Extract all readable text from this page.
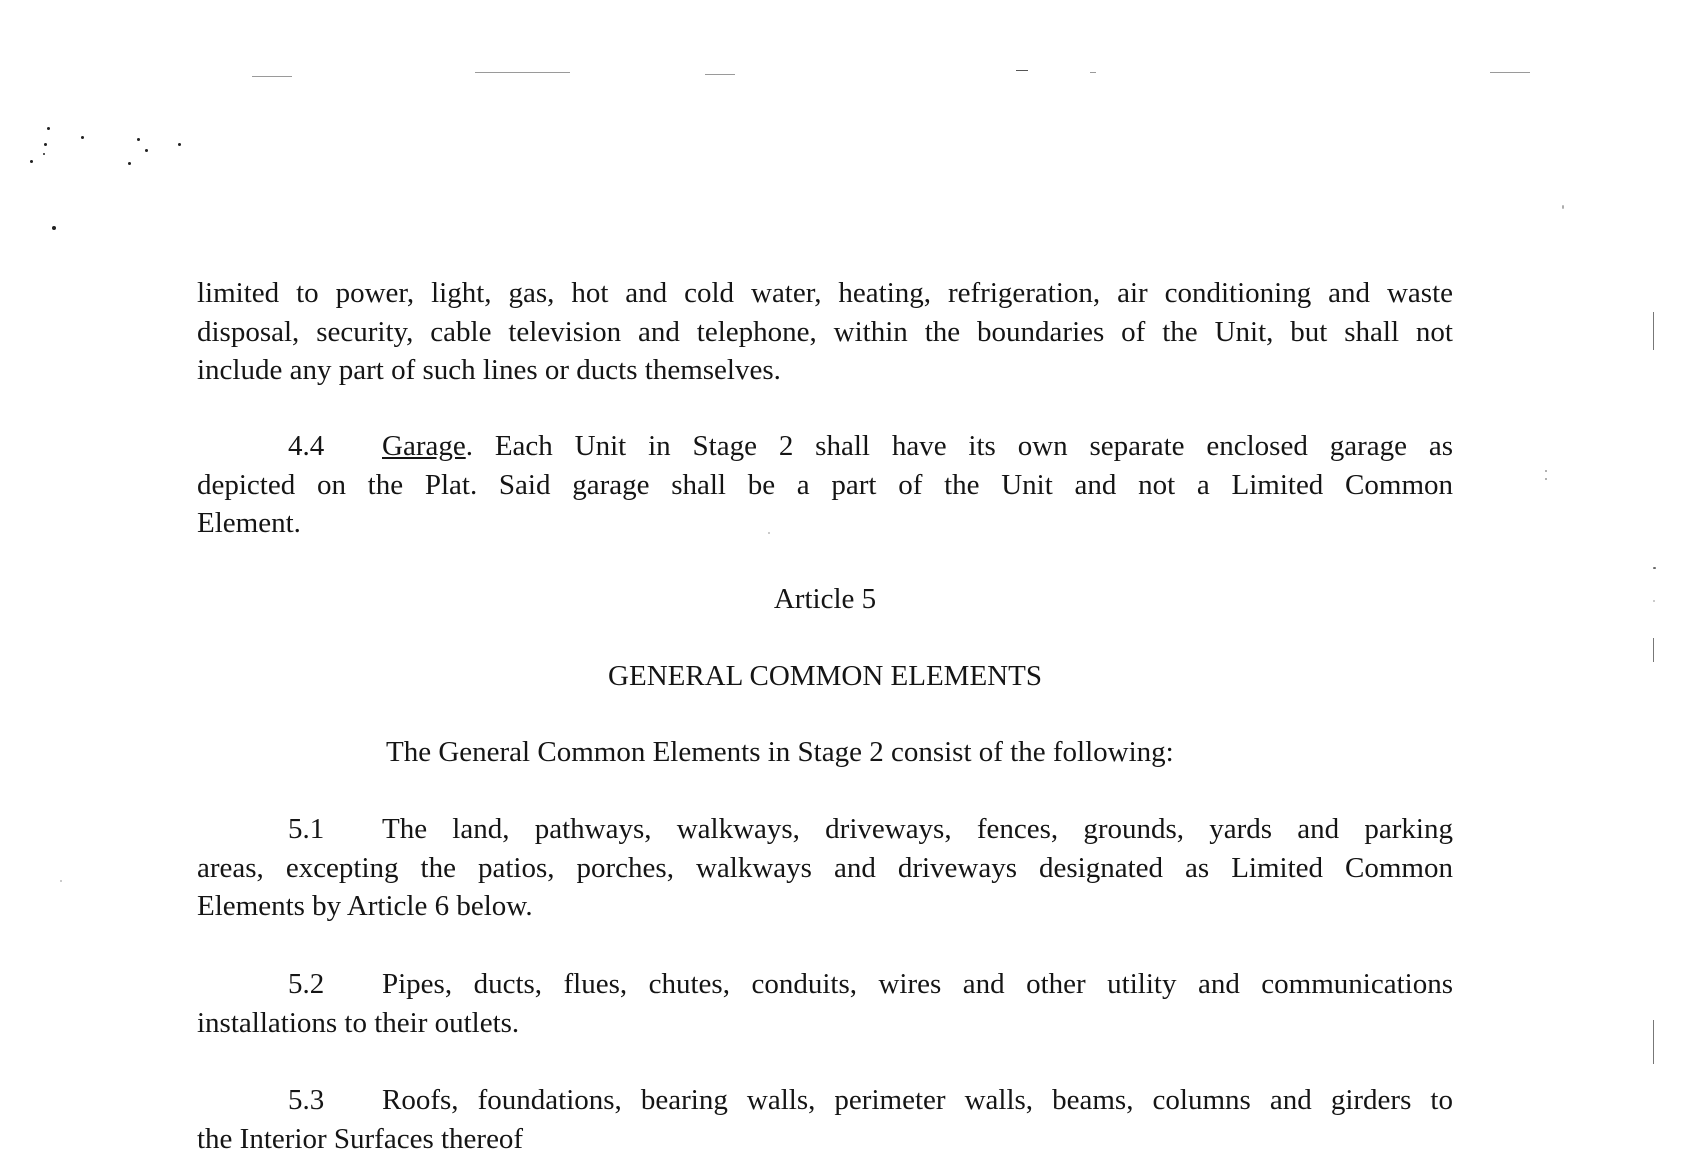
limited to power, light, gas, hot and cold water, heating, refrigeration, air conditioning and waste
disposal, security, cable television and telephone, within the boundaries of the Unit, but shall not
include any part of such lines or ducts themselves.
4.4 Garage. Each Unit in Stage 2 shall have its own separate enclosed garage as
depicted on the Plat. Said garage shall be a part of the Unit and not a Limited Common
Element.

Article 5

GENERAL COMMON ELEMENTS

The General Common Elements in Stage 2 consist of the following:

5.1 The land, pathways, walkways, driveways, fences, grounds, yards and parking
areas, excepting the patios, porches, walkways and driveways designated as Limited Common
Elements by Article 6 below.
5.2 Pipes, ducts, flues, chutes, conduits, wires and other utility and communications
installations to their outlets.
5.3 Roofs, foundations, bearing walls, perimeter walls, beams, columns and girders to
the Interior Surfaces thereof
